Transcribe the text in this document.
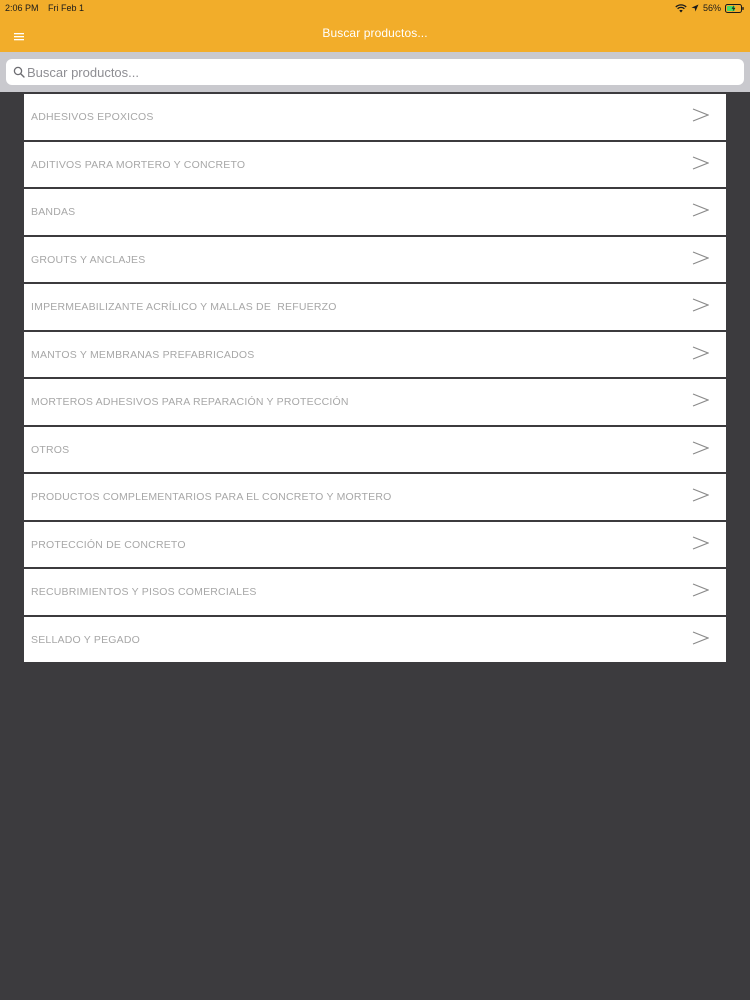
2:06 PM Fri Feb 1	56%
Buscar productos...
Buscar productos...
ADHESIVOS EPOXICOS
ADITIVOS PARA MORTERO Y CONCRETO
BANDAS
GROUTS Y ANCLAJES
IMPERMEABILIZANTE ACRÍLICO Y MALLAS DE  REFUERZO
MANTOS Y MEMBRANAS PREFABRICADOS
MORTEROS ADHESIVOS PARA REPARACIÓN Y PROTECCIÓN
OTROS
PRODUCTOS COMPLEMENTARIOS PARA EL CONCRETO Y MORTERO
PROTECCIÓN DE CONCRETO
RECUBRIMIENTOS Y PISOS COMERCIALES
SELLADO Y PEGADO
